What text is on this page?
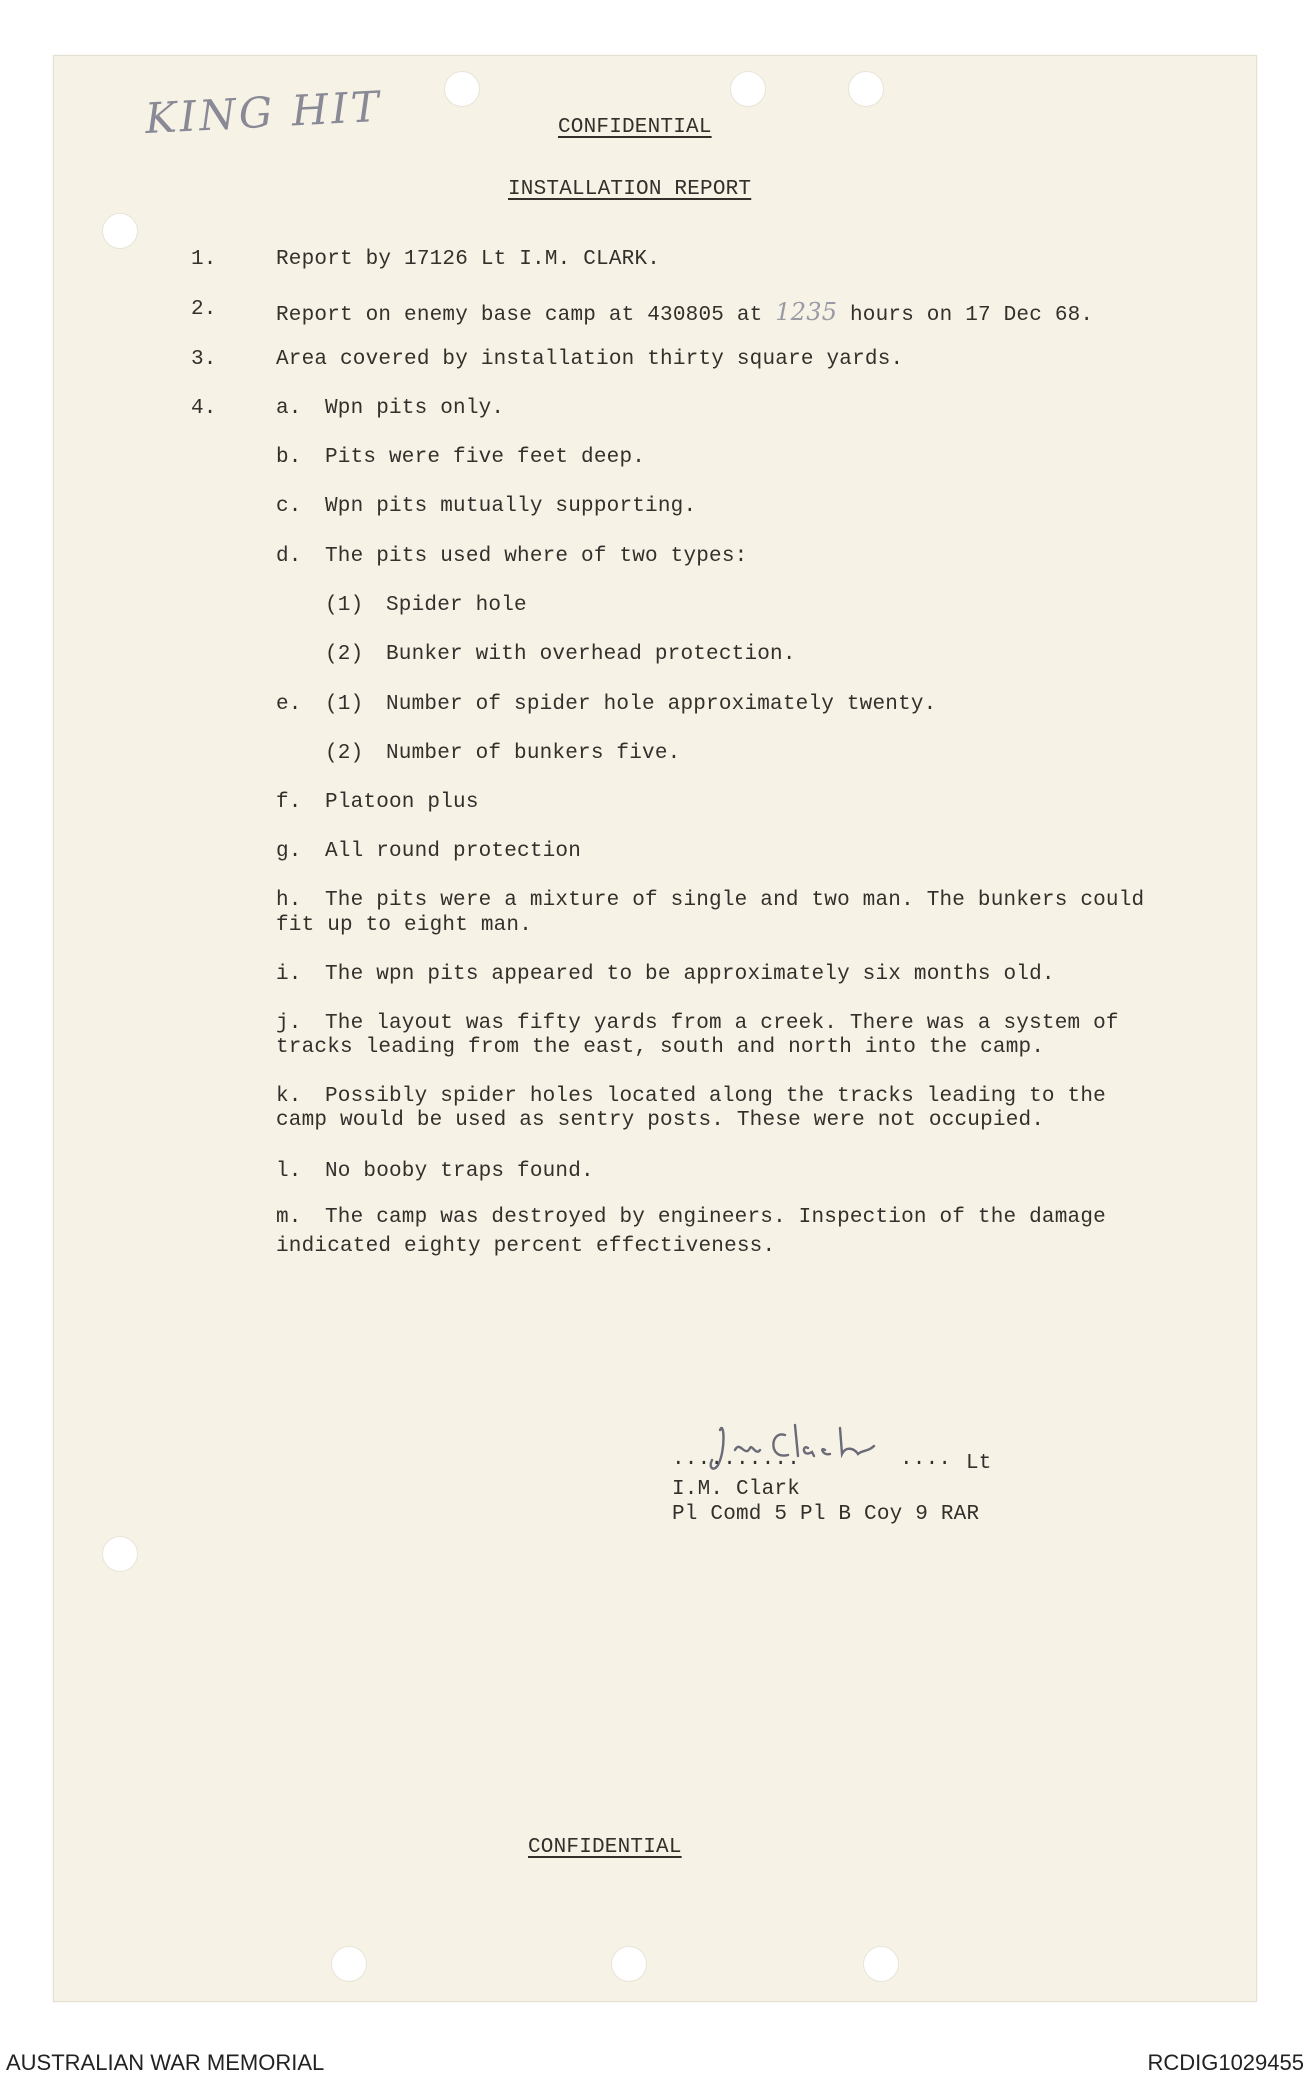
KING HIT	CONFIDENTIAL
INSTALLATION REPORT
1.	Report by 17126 Lt I.M. CLARK.
2.	Report on enemy base camp at 430805 at 1235 hours on 17 Dec 68.
3.	Area covered by installation thirty square yards.
4.	a. Wpn pits only.
b. Pits were five feet deep.
c. Wpn pits mutually supporting.
d. The pits used where of two types:
(1) Spider hole
(2) Bunker with overhead protection.
e. (1) Number of spider hole approximately twenty.
(2) Number of bunkers five.
f. Platoon plus
g. All round protection
h. The pits were a mixture of single and two man. The bunkers could
fit up to eight man.
i. The wpn pits appeared to be approximately six months old.
j. The layout was fifty yards from a creek. There was a system of
tracks leading from the east, south and north into the camp.
k. Possibly spider holes located along the tracks leading to the
camp would be used as sentry posts. These were not occupied.
l. No booby traps found.
m. The camp was destroyed by engineers. Inspection of the damage
indicated eighty percent effectiveness.
..........	.... Lt
I.M. Clark
Pl Comd 5 Pl B Coy 9 RAR
CONFIDENTIAL
AUSTRALIAN WAR MEMORIAL	RCDIG1029455
